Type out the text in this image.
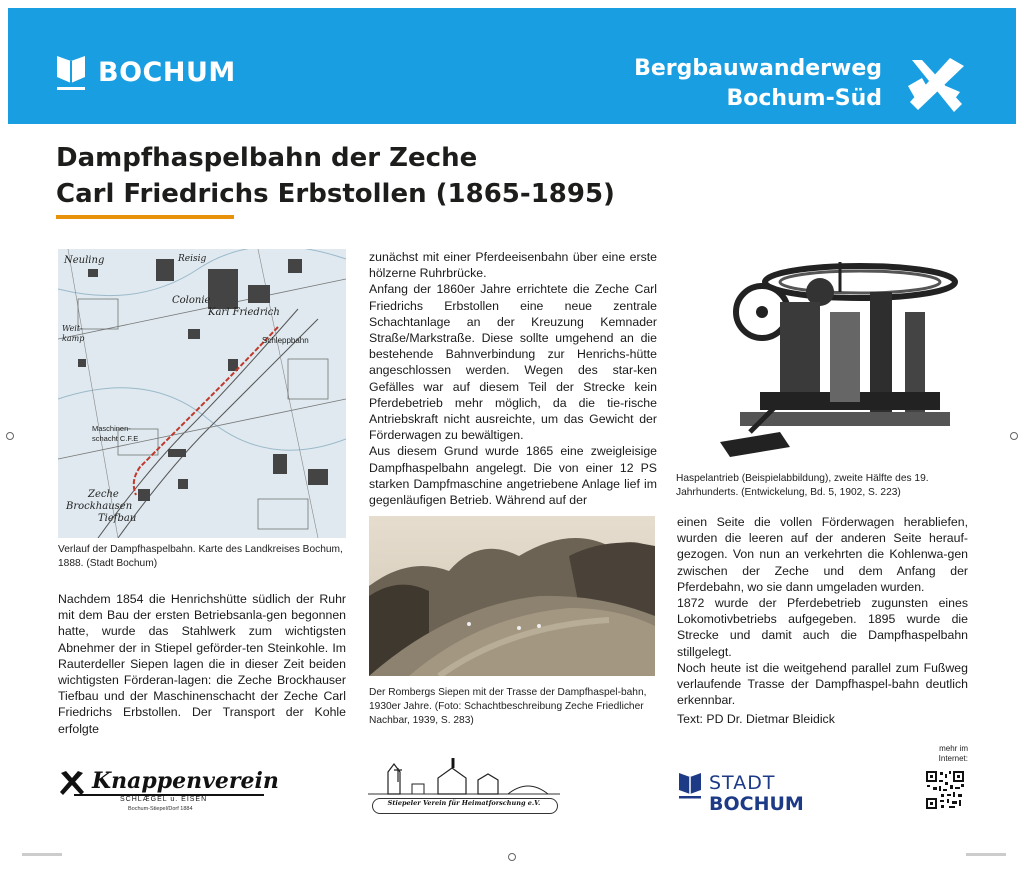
BOCHUM	Bergbauwanderweg
Bochum-Süd
Dampfhaspelbahn der Zeche
Carl Friedrichs Erbstollen (1865-1895)
Neuling	Reisig
Colonie
Karl Friedrich
Weit- kamp	Schleppbahn
Maschinen- schacht C.F.E
Zeche Brockhausen Tiefbau
Verlauf der Dampfhaspelbahn. Karte des Landkreises Bochum, 1888. (Stadt Bochum)

Nachdem 1854 die Henrichshütte südlich der Ruhr mit dem Bau der ersten Betriebsanla-gen begonnen hatte, wurde das Stahlwerk zum wichtigsten Abnehmer der in Stiepel geförder-ten Steinkohle. Im Rauterdeller Siepen lagen die in dieser Zeit beiden wichtigsten Förderan-lagen: die Zeche Brockhauser Tiefbau und der Maschinenschacht der Zeche Carl Friedrichs Erbstollen. Der Transport der Kohle erfolgte

zunächst mit einer Pferdeeisenbahn über eine erste hölzerne Ruhrbrücke.

Anfang der 1860er Jahre errichtete die Zeche Carl Friedrichs Erbstollen eine neue zentrale Schachtanlage an der Kreuzung Kemnader Straße/Markstraße. Diese sollte umgehend an die bestehende Bahnverbindung zur Henrichs-hütte angeschlossen werden. Wegen des star-ken Gefälles war auf diesem Teil der Strecke kein Pferdebetrieb mehr möglich, da die tie-rische Antriebskraft nicht ausreichte, um das Gewicht der Förderwagen zu bewältigen.

Aus diesem Grund wurde 1865 eine zweigleisige Dampfhaspelbahn angelegt. Die von einer 12 PS starken Dampfmaschine angetriebene Anlage lief im gegenläufigen Betrieb. Während auf der

Der Rombergs Siepen mit der Trasse der Dampfhaspel-bahn, 1930er Jahre. (Foto: Schachtbeschreibung Zeche Friedlicher Nachbar, 1939, S. 283)
Haspelantrieb (Beispielabbildung), zweite Hälfte des 19. Jahrhunderts. (Entwickelung, Bd. 5, 1902, S. 223)

einen Seite die vollen Förderwagen herabliefen, wurden die leeren auf der anderen Seite herauf-gezogen. Von nun an verkehrten die Kohlenwa-gen zwischen der Zeche und dem Anfang der Pferdebahn, wo sie dann umgeladen wurden.

1872 wurde der Pferdebetrieb zugunsten eines Lokomotivbetriebs aufgegeben. 1895 wurde die Strecke und damit auch die Dampfhaspelbahn stillgelegt.

Noch heute ist die weitgehend parallel zum Fußweg verlaufende Trasse der Dampfhaspel-bahn deutlich erkennbar.

Text: PD Dr. Dietmar Bleidick
Knappenverein
SCHLÆGEL u. EISEN
Bochum-Stiepel/Dorf 1884
Stiepeler Verein für Heimatforschung e.V.
STADT
BOCHUM
mehr im
Internet:
